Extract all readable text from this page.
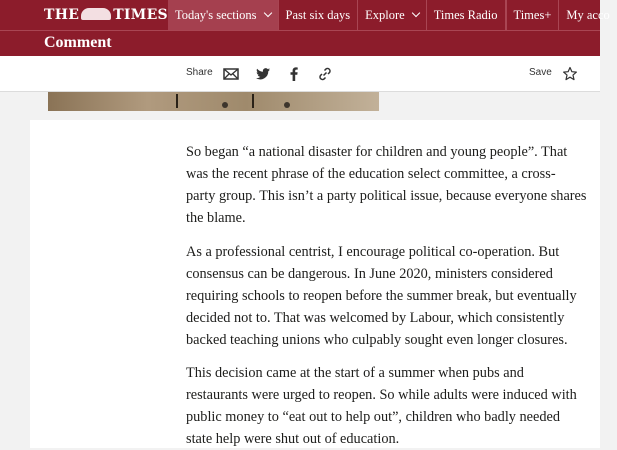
THE TIMES Today's sections Past six days Explore Times Radio Times+ My acco
Comment
Share	Save
So began “a national disaster for children and young people”. That
was the recent phrase of the education select committee, a cross-
party group. This isn’t a party political issue, because everyone shares
the blame.
As a professional centrist, I encourage political co-operation. But
consensus can be dangerous. In June 2020, ministers considered
requiring schools to reopen before the summer break, but eventually
decided not to. That was welcomed by Labour, which consistently
backed teaching unions who culpably sought even longer closures.
This decision came at the start of a summer when pubs and
restaurants were urged to reopen. So while adults were induced with
public money to “eat out to help out”, children who badly needed
state help were shut out of education.
